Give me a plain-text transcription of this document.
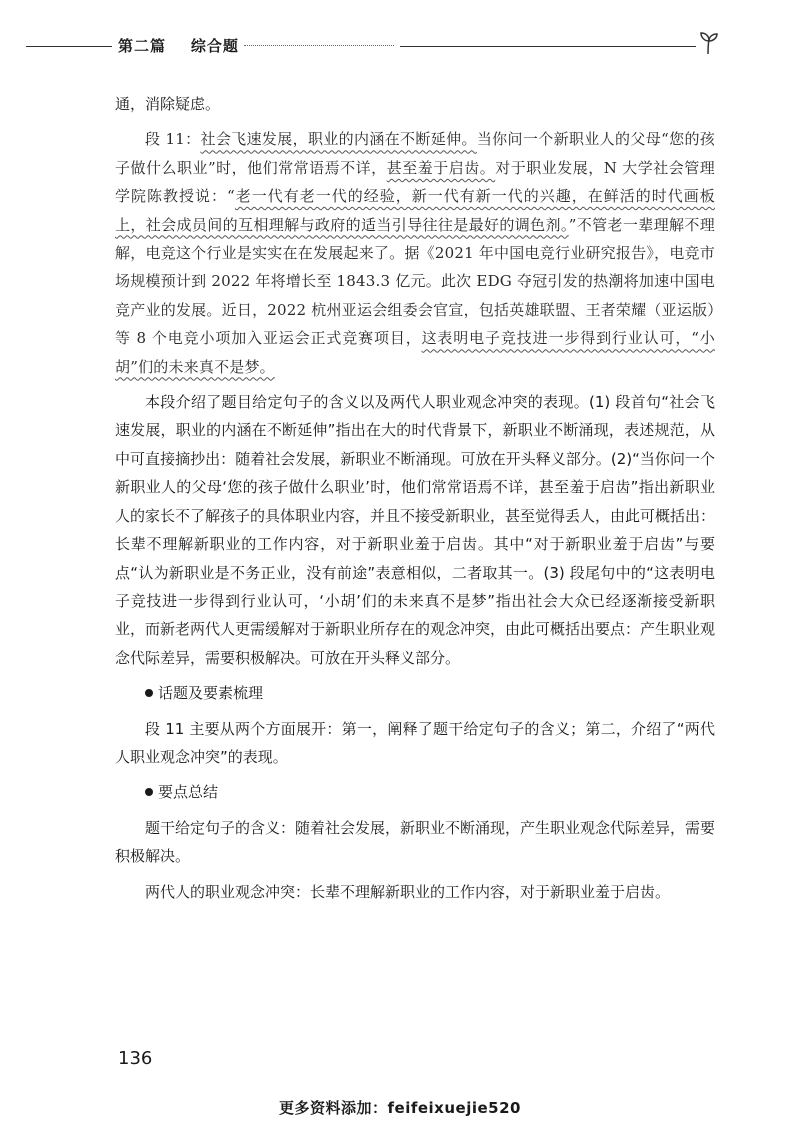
第二篇 综合题

通，消除疑虑。

段 11：社会飞速发展，职业的内涵在不断延伸。当你问一个新职业人的父母“您的孩子做什么职业”时，他们常常语焉不详，甚至羞于启齿。对于职业发展，N 大学社会管理学院陈教授说：“老一代有老一代的经验，新一代有新一代的兴趣，在鲜活的时代画板上，社会成员间的互相理解与政府的适当引导往往是最好的调色剂。”不管老一辈理解不理解，电竞这个行业是实实在在发展起来了。据《2021 年中国电竞行业研究报告》，电竞市场规模预计到 2022 年将增长至 1843.3 亿元。此次 EDG 夺冠引发的热潮将加速中国电竞产业的发展。近日，2022 杭州亚运会组委会官宣，包括英雄联盟、王者荣耀（亚运版）等 8 个电竞小项加入亚运会正式竞赛项目，这表明电子竞技进一步得到行业认可，“小胡”们的未来真不是梦。

本段介绍了题目给定句子的含义以及两代人职业观念冲突的表现。(1) 段首句“社会飞速发展，职业的内涵在不断延伸”指出在大的时代背景下，新职业不断涌现，表述规范，从中可直接摘抄出：随着社会发展，新职业不断涌现。可放在开头释义部分。(2)“当你问一个新职业人的父母‘您的孩子做什么职业’时，他们常常语焉不详，甚至羞于启齿”指出新职业人的家长不了解孩子的具体职业内容，并且不接受新职业，甚至觉得丢人，由此可概括出：长辈不理解新职业的工作内容，对于新职业羞于启齿。其中“对于新职业羞于启齿”与要点“认为新职业是不务正业，没有前途”表意相似，二者取其一。(3) 段尾句中的“这表明电子竞技进一步得到行业认可，‘小胡’们的未来真不是梦”指出社会大众已经逐渐接受新职业，而新老两代人更需缓解对于新职业所存在的观念冲突，由此可概括出要点：产生职业观念代际差异，需要积极解决。可放在开头释义部分。

话题及要素梳理

段 11 主要从两个方面展开：第一，阐释了题干给定句子的含义；第二，介绍了“两代人职业观念冲突”的表现。

要点总结

题干给定句子的含义：随着社会发展，新职业不断涌现，产生职业观念代际差异，需要积极解决。

两代人的职业观念冲突：长辈不理解新职业的工作内容，对于新职业羞于启齿。

136
更多资料添加：feifeixuejie520
